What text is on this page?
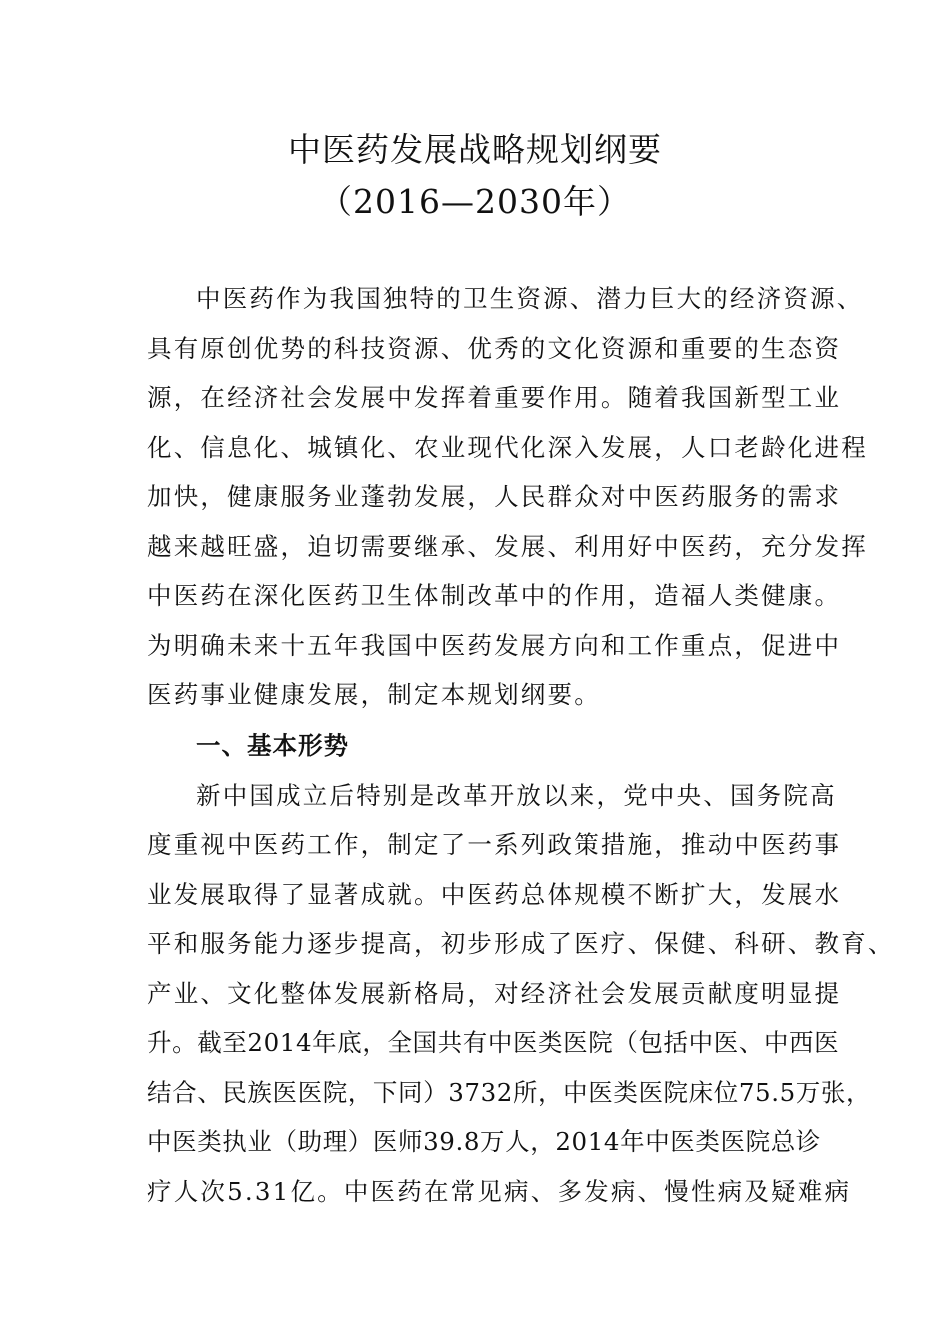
中医药发展战略规划纲要
（2016—2030年）
中医药作为我国独特的卫生资源、潜力巨大的经济资源、
具有原创优势的科技资源、优秀的文化资源和重要的生态资
源，在经济社会发展中发挥着重要作用。随着我国新型工业
化、信息化、城镇化、农业现代化深入发展，人口老龄化进程
加快，健康服务业蓬勃发展，人民群众对中医药服务的需求
越来越旺盛，迫切需要继承、发展、利用好中医药，充分发挥
中医药在深化医药卫生体制改革中的作用，造福人类健康。
为明确未来十五年我国中医药发展方向和工作重点，促进中
医药事业健康发展，制定本规划纲要。
一、基本形势
新中国成立后特别是改革开放以来，党中央、国务院高
度重视中医药工作，制定了一系列政策措施，推动中医药事
业发展取得了显著成就。中医药总体规模不断扩大，发展水
平和服务能力逐步提高，初步形成了医疗、保健、科研、教育、
产业、文化整体发展新格局，对经济社会发展贡献度明显提
升。截至2014年底，全国共有中医类医院（包括中医、中西医
结合、民族医医院，下同）3732所，中医类医院床位75.5万张，
中医类执业（助理）医师39.8万人，2014年中医类医院总诊
疗人次5.31亿。中医药在常见病、多发病、慢性病及疑难病
